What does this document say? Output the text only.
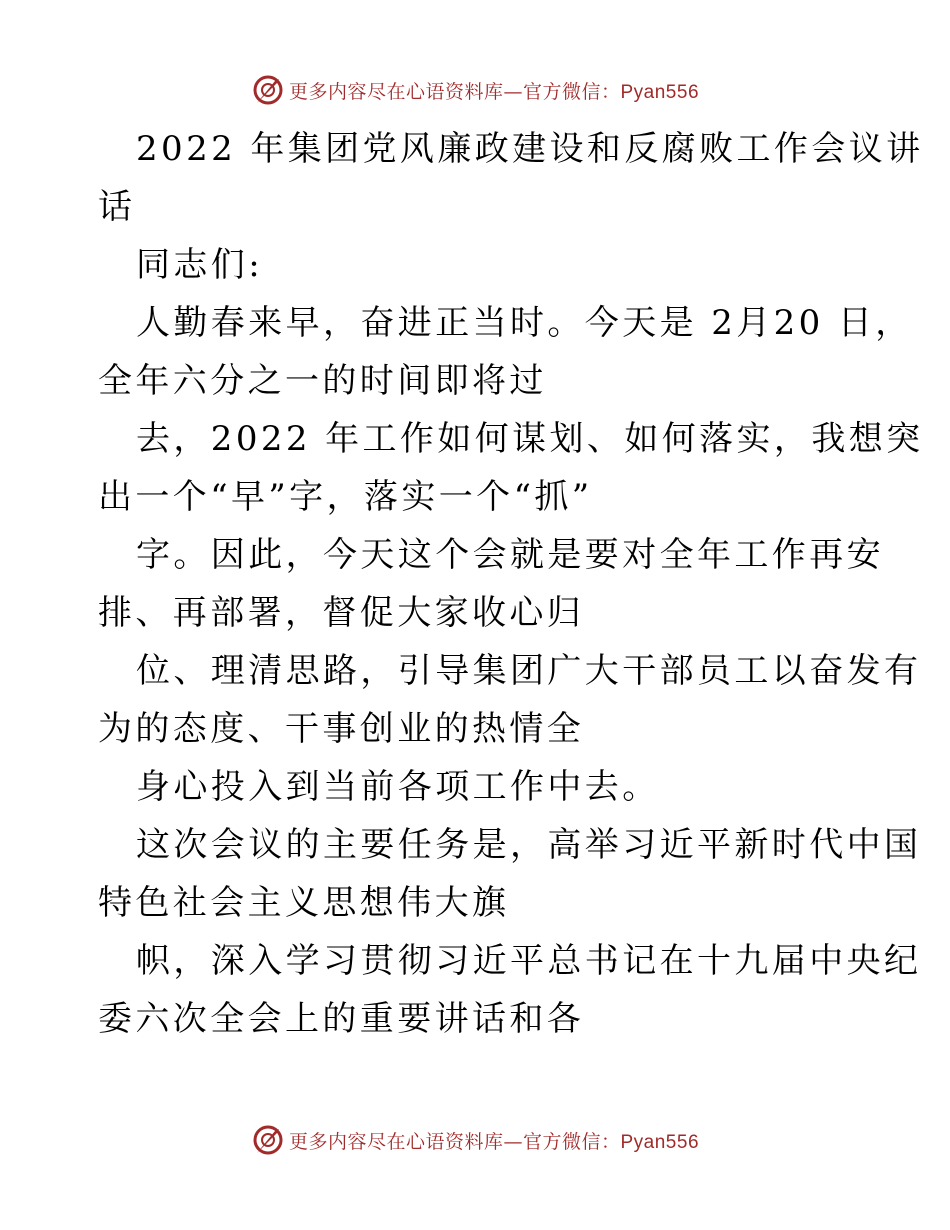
更多内容尽在心语资料库—官方微信：Pyan556
2022 年集团党风廉政建设和反腐败工作会议讲
话
同志们:
人勤春来早，奋进正当时。今天是 2月20 日，
全年六分之一的时间即将过
去，2022 年工作如何谋划、如何落实，我想突
出一个“早”字，落实一个“抓”
字。因此，今天这个会就是要对全年工作再安
排、再部署，督促大家收心归
位、理清思路，引导集团广大干部员工以奋发有
为的态度、干事创业的热情全
身心投入到当前各项工作中去。
这次会议的主要任务是，高举习近平新时代中国
特色社会主义思想伟大旗
帜，深入学习贯彻习近平总书记在十九届中央纪
委六次全会上的重要讲话和各
更多内容尽在心语资料库—官方微信：Pyan556
